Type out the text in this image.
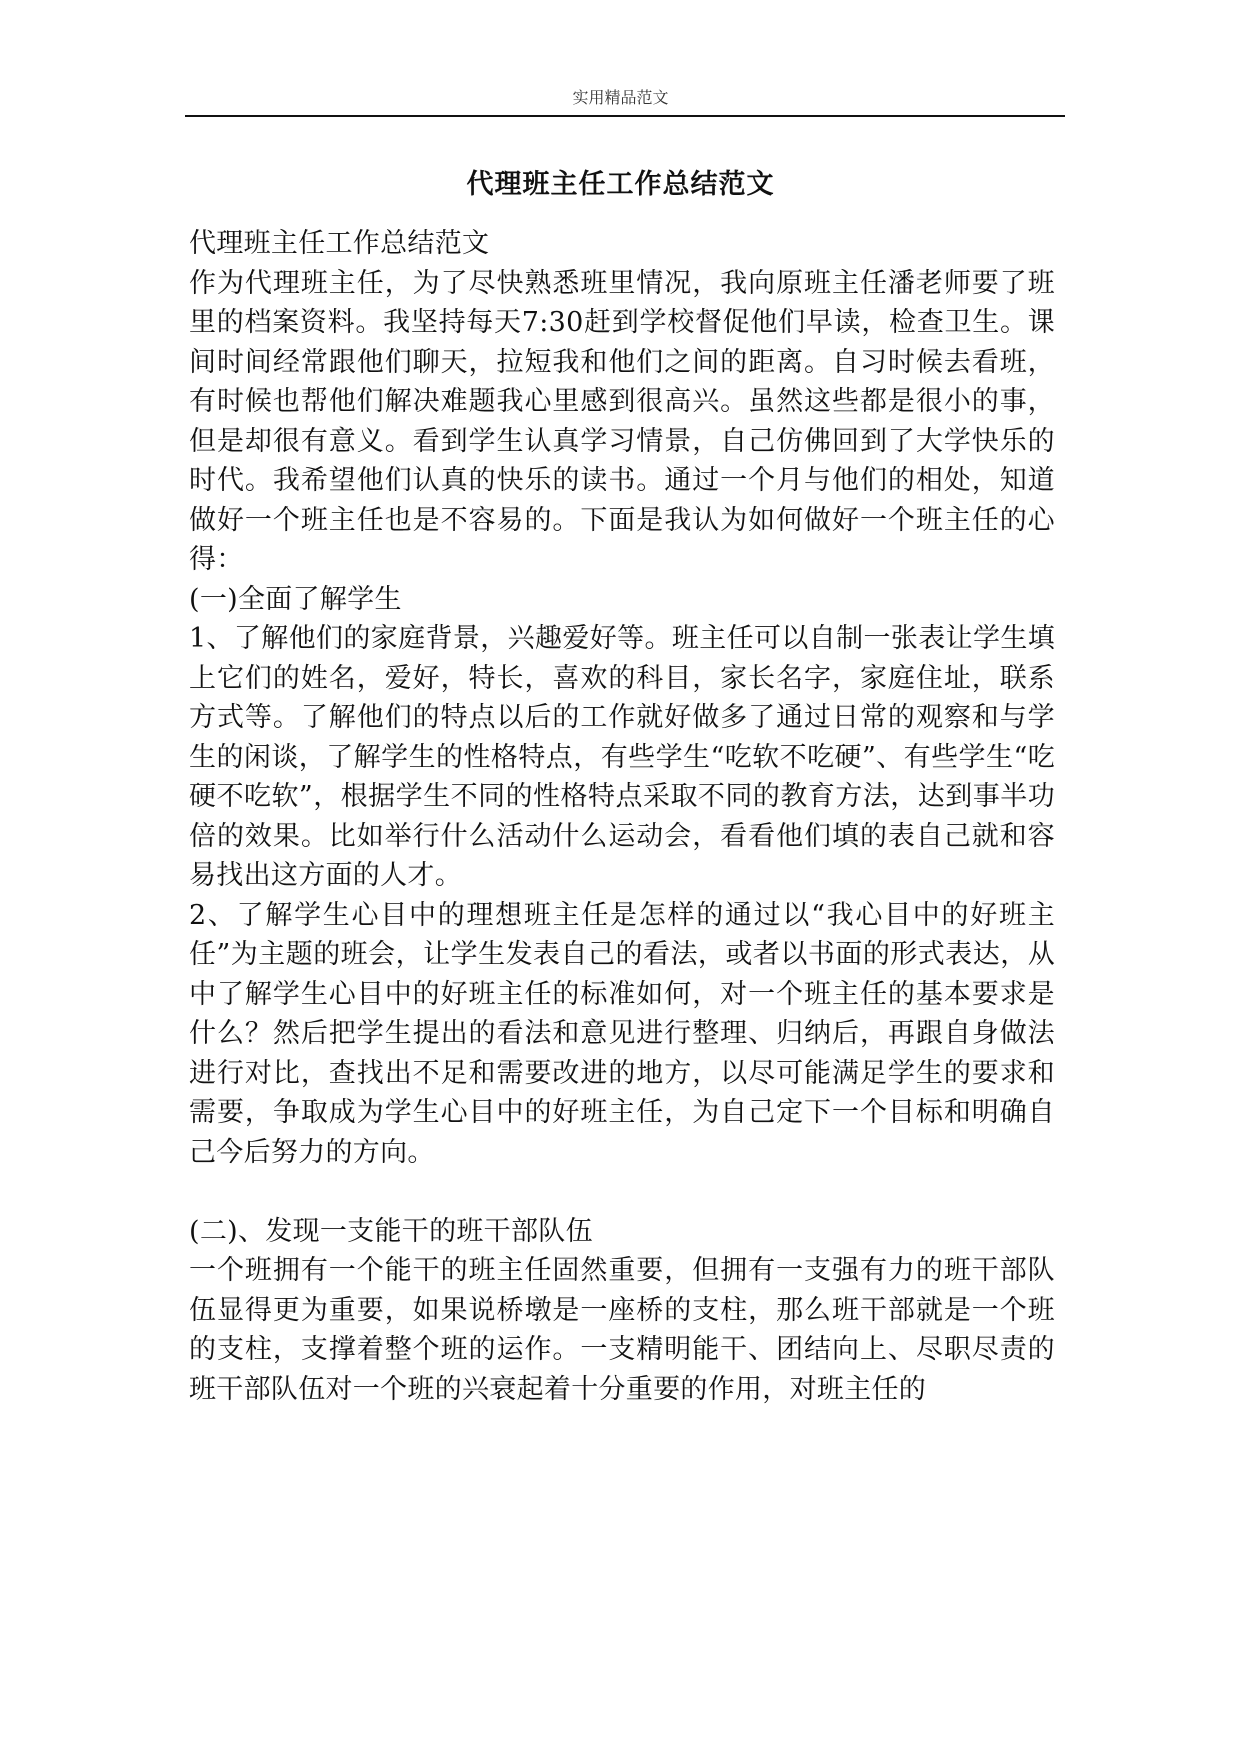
实用精品范文
代理班主任工作总结范文

代理班主任工作总结范文

作为代理班主任，为了尽快熟悉班里情况，我向原班主任潘老师要了班里的档案资料。我坚持每天7:30赶到学校督促他们早读，检查卫生。课间时间经常跟他们聊天，拉短我和他们之间的距离。自习时候去看班，有时候也帮他们解决难题我心里感到很高兴。虽然这些都是很小的事，但是却很有意义。看到学生认真学习情景，自己仿佛回到了大学快乐的时代。我希望他们认真的快乐的读书。通过一个月与他们的相处，知道做好一个班主任也是不容易的。下面是我认为如何做好一个班主任的心得：

(一)全面了解学生

1、了解他们的家庭背景，兴趣爱好等。班主任可以自制一张表让学生填上它们的姓名，爱好，特长，喜欢的科目，家长名字，家庭住址，联系方式等。了解他们的特点以后的工作就好做多了通过日常的观察和与学生的闲谈，了解学生的性格特点，有些学生“吃软不吃硬”、有些学生“吃硬不吃软”，根据学生不同的性格特点采取不同的教育方法，达到事半功倍的效果。比如举行什么活动什么运动会，看看他们填的表自己就和容易找出这方面的人才。

2、了解学生心目中的理想班主任是怎样的通过以“我心目中的好班主任”为主题的班会，让学生发表自己的看法，或者以书面的形式表达，从中了解学生心目中的好班主任的标准如何，对一个班主任的基本要求是什么？然后把学生提出的看法和意见进行整理、归纳后，再跟自身做法进行对比，查找出不足和需要改进的地方，以尽可能满足学生的要求和需要，争取成为学生心目中的好班主任，为自己定下一个目标和明确自己今后努力的方向。

(二)、发现一支能干的班干部队伍

一个班拥有一个能干的班主任固然重要，但拥有一支强有力的班干部队伍显得更为重要，如果说桥墩是一座桥的支柱，那么班干部就是一个班的支柱，支撑着整个班的运作。一支精明能干、团结向上、尽职尽责的班干部队伍对一个班的兴衰起着十分重要的作用，对班主任的
